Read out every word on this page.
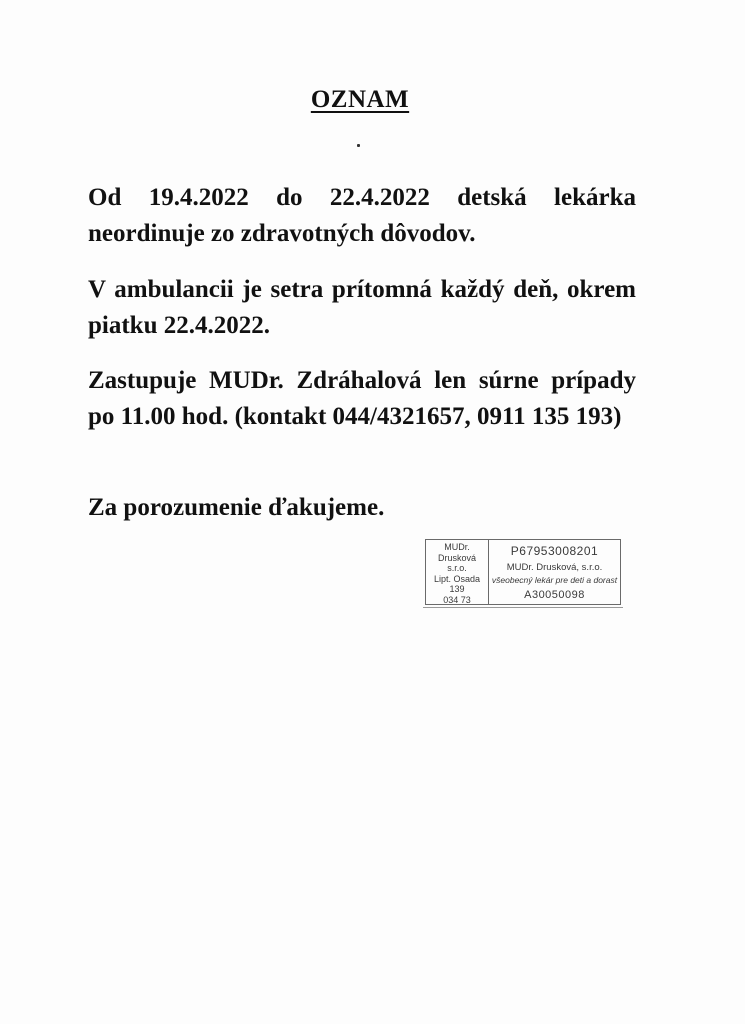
OZNAM
Od 19.4.2022 do 22.4.2022 detská lekárka neordinuje zo zdravotných dôvodov.
V ambulancii je setra prítomná každý deň, okrem piatku 22.4.2022.
Zastupuje MUDr. Zdráhalová len súrne prípady po 11.00 hod. (kontakt 044/4321657, 0911 135 193)
Za porozumenie ďakujeme.
MUDr.
Drusková
s.r.o.
Lipt. Osada
139
034 73
P67953008201
MUDr. Drusková, s.r.o.
všeobecný lekár pre deti a dorast
A30050098
